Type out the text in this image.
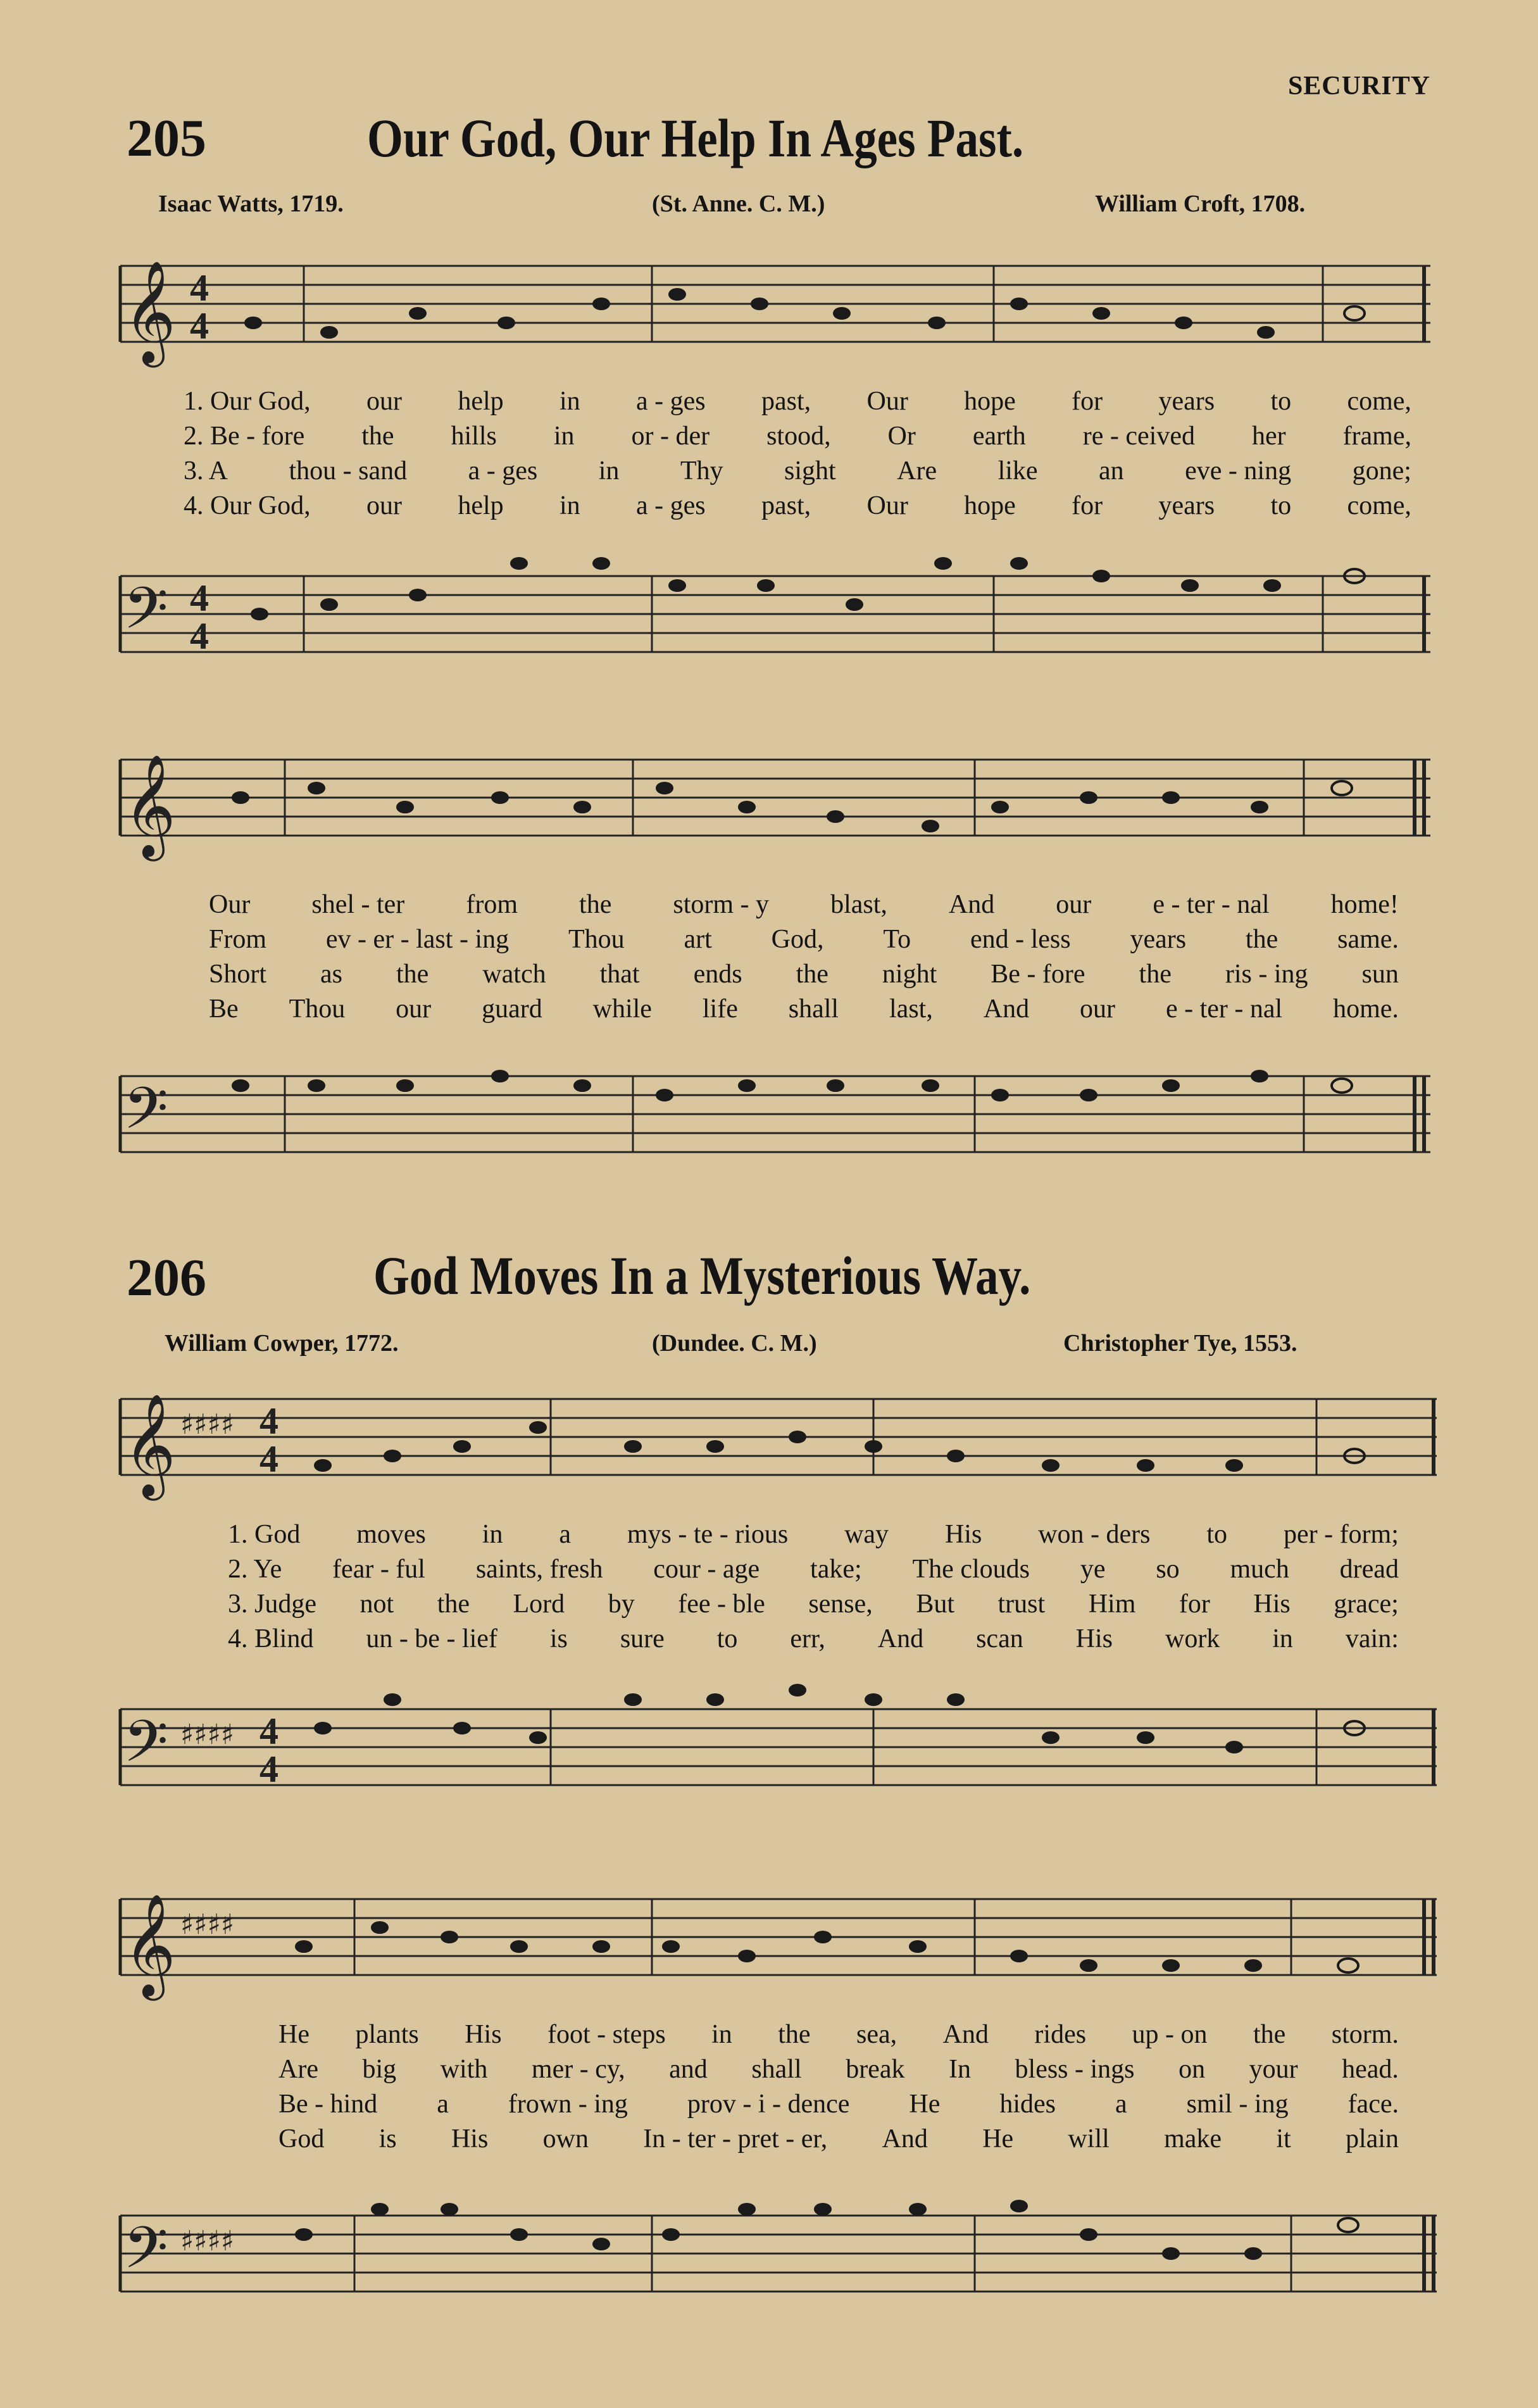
SECURITY
205	Our God, Our Help In Ages Past.
Isaac Watts, 1719.	(St. Anne. C. M.)	William Croft, 1708.
𝄞 4
4
1. Our God, our help in a - ges past, Our hope for years to come,
2. Be - fore the hills in or - der stood, Or earth re - ceived her frame,
3. A thou - sand a - ges in Thy sight Are like an eve - ning gone;
4. Our God, our help in a - ges past, Our hope for years to come,
𝄢 4
4
𝄞
Our shel - ter from the storm - y blast, And our e - ter - nal home!
From ev - er - last - ing Thou art God, To end - less years the same.
Short as the watch that ends the night Be - fore the ris - ing sun
Be Thou our guard while life shall last, And our e - ter - nal home.
𝄢
206	God Moves In a Mysterious Way.
William Cowper, 1772.	(Dundee. C. M.)	Christopher Tye, 1553.
𝄞 ♯♯♯♯ 4
4
1. God moves in a mys - te - rious way His won - ders to per - form;
2. Ye fear - ful saints, fresh cour - age take; The clouds ye so much dread
3. Judge not the Lord by fee - ble sense, But trust Him for His grace;
4. Blind un - be - lief is sure to err, And scan His work in vain:
𝄢 ♯♯♯♯ 4
4
𝄞 ♯♯♯♯
He plants His foot - steps in the sea, And rides up - on the storm.
Are big with mer - cy, and shall break In bless - ings on your head.
Be - hind a frown - ing prov - i - dence He hides a smil - ing face.
God is His own In - ter - pret - er, And He will make it plain
𝄢 ♯♯♯♯
